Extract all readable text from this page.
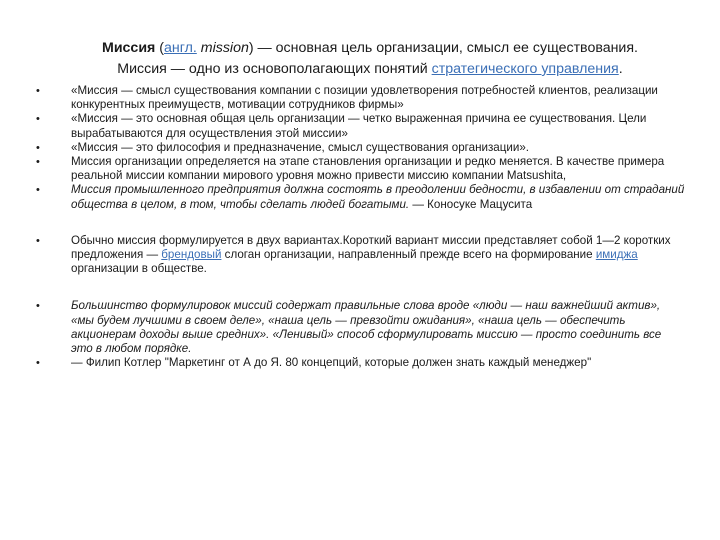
Миссия (англ. mission) — основная цель организации, смысл ее существования.
Миссия — одно из основополагающих понятий стратегического управления.
•	«Миссия — смысл существования компании с позиции удовлетворения потребностей клиентов, реализации конкурентных преимуществ, мотивации сотрудников фирмы»
•	«Миссия — это основная общая цель организации — четко выраженная причина ее существования. Цели вырабатываются для осуществления этой миссии»
•	«Миссия — это философия и предназначение, смысл существования организации».
•	Миссия организации определяется на этапе становления организации и редко меняется. В качестве примера реальной миссии компании мирового уровня можно привести миссию компании Matsushita,
•	Миссия промышленного предприятия должна состоять в преодолении бедности, в избавлении от страданий общества в целом, в том, чтобы сделать людей богатыми. — Коносуке Мацусита
•	Обычно миссия формулируется в двух вариантах.Короткий вариант миссии представляет собой 1—2 коротких предложения — брендовый слоган организации, направленный прежде всего на формирование имиджа организации в обществе.
•	Большинство формулировок миссий содержат правильные слова вроде «люди — наш важнейший актив», «мы будем лучшими в своем деле», «наша цель — превзойти ожидания», «наша цель — обеспечить акционерам доходы выше средних». «Ленивый» способ сформулировать миссию — просто соединить все это в любом порядке.
•	— Филип Котлер "Маркетинг от А до Я. 80 концепций, которые должен знать каждый менеджер"
